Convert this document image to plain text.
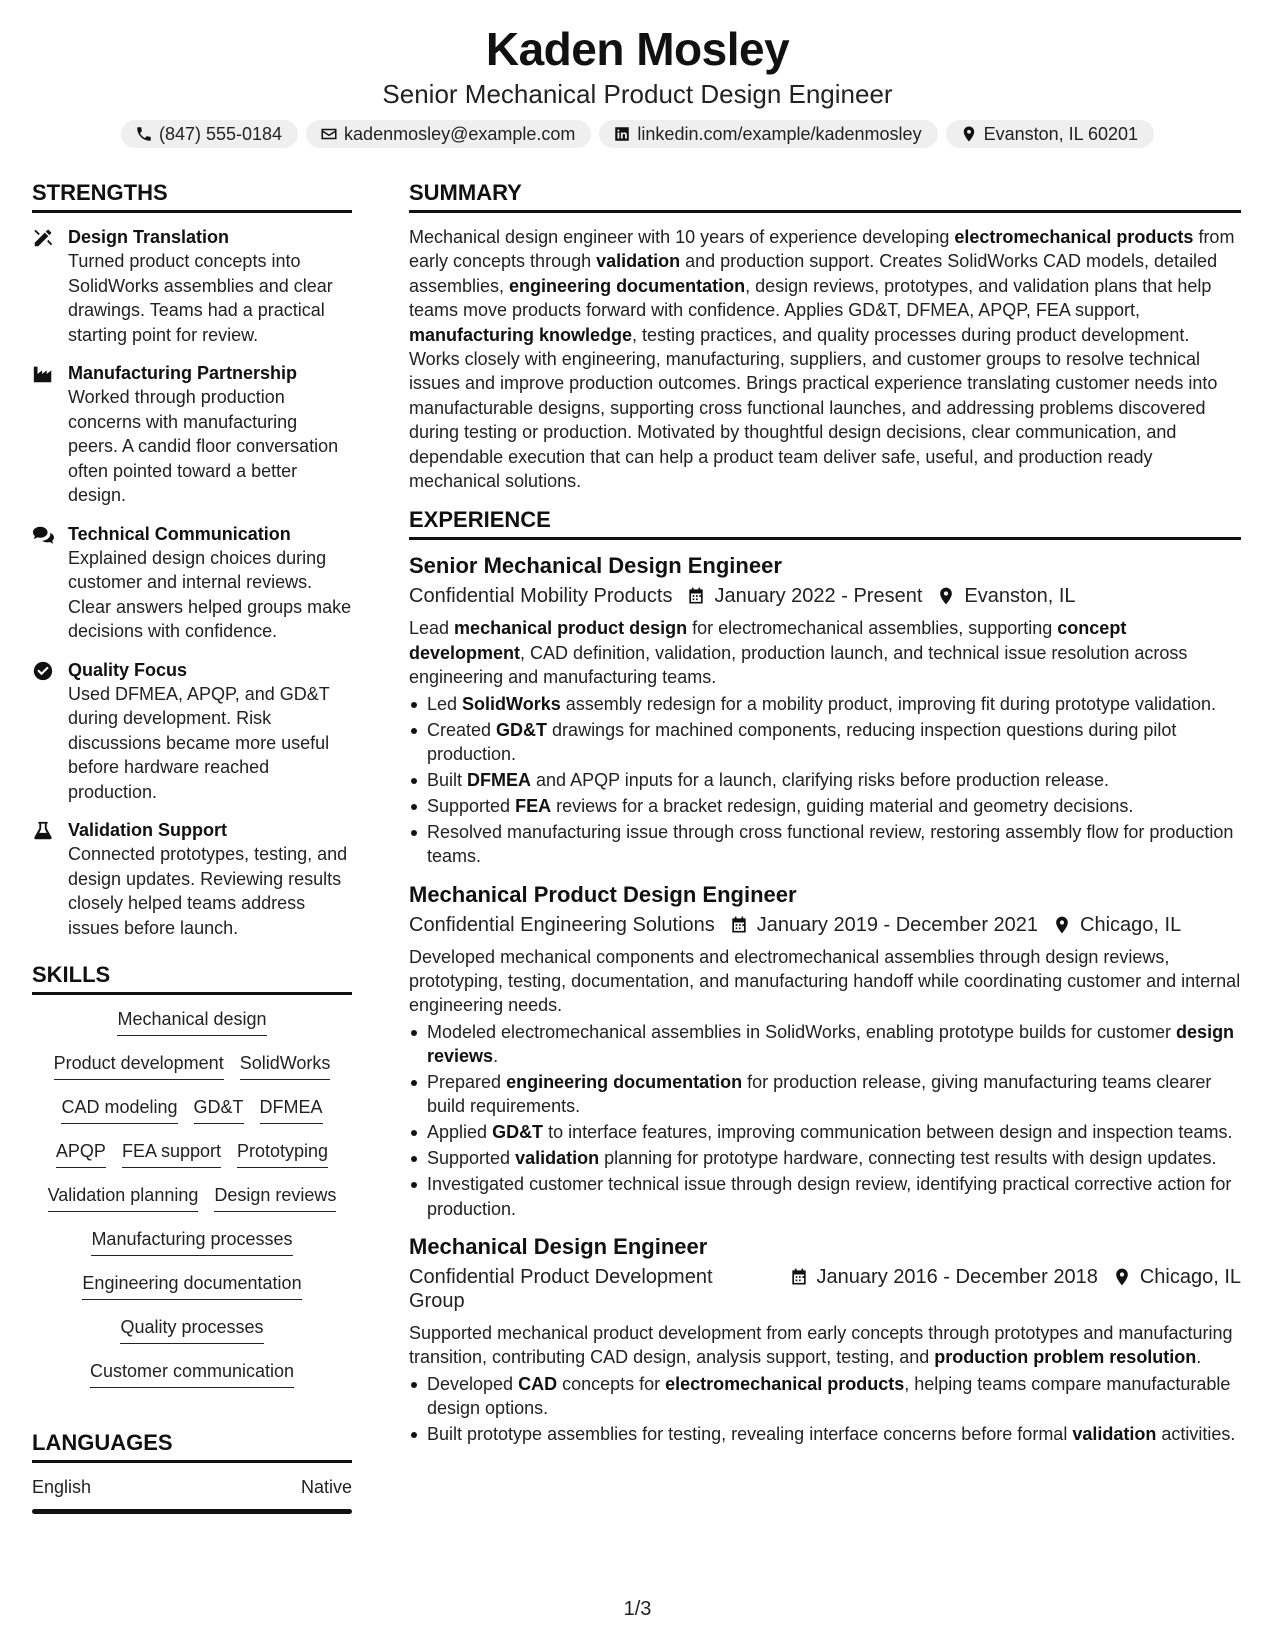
Kaden Mosley
Senior Mechanical Product Design Engineer
(847) 555-0184	kadenmosley@example.com	linkedin.com/example/kadenmosley	Evanston, IL 60201
STRENGTHS
Design Translation
Turned product concepts into SolidWorks assemblies and clear drawings. Teams had a practical starting point for review.
Manufacturing Partnership
Worked through production concerns with manufacturing peers. A candid floor conversation often pointed toward a better design.
Technical Communication
Explained design choices during customer and internal reviews. Clear answers helped groups make decisions with confidence.
Quality Focus
Used DFMEA, APQP, and GD&T during development. Risk discussions became more useful before hardware reached production.
Validation Support
Connected prototypes, testing, and design updates. Reviewing results closely helped teams address issues before launch.
SKILLS
Mechanical design
Product development SolidWorks
CAD modeling GD&T DFMEA
APQP FEA support Prototyping
Validation planning Design reviews
Manufacturing processes
Engineering documentation
Quality processes
Customer communication
LANGUAGES
English	Native
SUMMARY
Mechanical design engineer with 10 years of experience developing electromechanical products from early concepts through validation and production support. Creates SolidWorks CAD models, detailed assemblies, engineering documentation, design reviews, prototypes, and validation plans that help teams move products forward with confidence. Applies GD&T, DFMEA, APQP, FEA support, manufacturing knowledge, testing practices, and quality processes during product development. Works closely with engineering, manufacturing, suppliers, and customer groups to resolve technical issues and improve production outcomes. Brings practical experience translating customer needs into manufacturable designs, supporting cross functional launches, and addressing problems discovered during testing or production. Motivated by thoughtful design decisions, clear communication, and dependable execution that can help a product team deliver safe, useful, and production ready mechanical solutions.
EXPERIENCE
Senior Mechanical Design Engineer
Confidential Mobility Products January 2022 - Present Evanston, IL
Lead mechanical product design for electromechanical assemblies, supporting concept development, CAD definition, validation, production launch, and technical issue resolution across engineering and manufacturing teams.
Led SolidWorks assembly redesign for a mobility product, improving fit during prototype validation.
Created GD&T drawings for machined components, reducing inspection questions during pilot production.
Built DFMEA and APQP inputs for a launch, clarifying risks before production release.
Supported FEA reviews for a bracket redesign, guiding material and geometry decisions.
Resolved manufacturing issue through cross functional review, restoring assembly flow for production teams.
Mechanical Product Design Engineer
Confidential Engineering Solutions January 2019 - December 2021 Chicago, IL
Developed mechanical components and electromechanical assemblies through design reviews, prototyping, testing, documentation, and manufacturing handoff while coordinating customer and internal engineering needs.
Modeled electromechanical assemblies in SolidWorks, enabling prototype builds for customer design reviews.
Prepared engineering documentation for production release, giving manufacturing teams clearer build requirements.
Applied GD&T to interface features, improving communication between design and inspection teams.
Supported validation planning for prototype hardware, connecting test results with design updates.
Investigated customer technical issue through design review, identifying practical corrective action for production.
Mechanical Design Engineer
Confidential Product Development Group
January 2016 - December 2018 Chicago, IL
Supported mechanical product development from early concepts through prototypes and manufacturing transition, contributing CAD design, analysis support, testing, and production problem resolution.
Developed CAD concepts for electromechanical products, helping teams compare manufacturable design options.
Built prototype assemblies for testing, revealing interface concerns before formal validation activities.
1/3
